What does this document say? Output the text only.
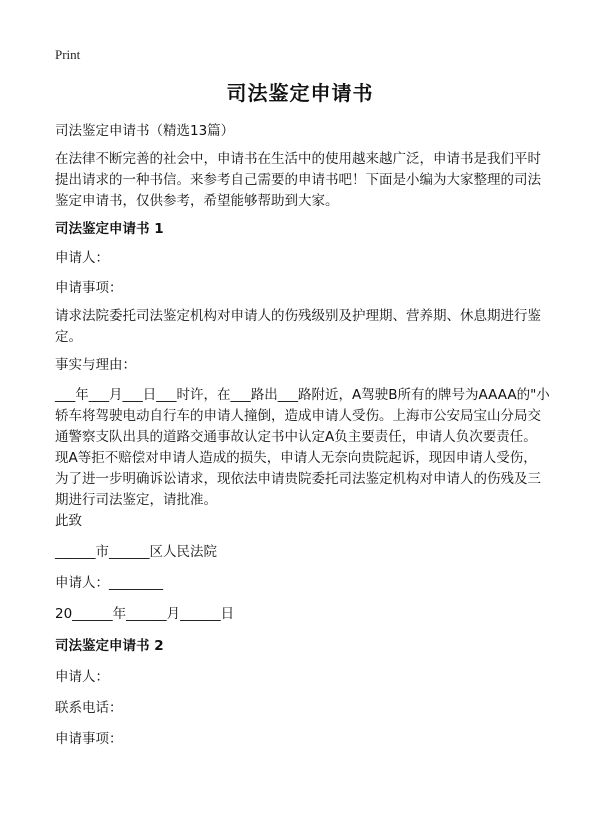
Print
司法鉴定申请书
司法鉴定申请书（精选13篇）
在法律不断完善的社会中，申请书在生活中的使用越来越广泛，申请书是我们平时提出请求的一种书信。来参考自己需要的申请书吧！下面是小编为大家整理的司法鉴定申请书，仅供参考，希望能够帮助到大家。
司法鉴定申请书 1
申请人：
申请事项：
请求法院委托司法鉴定机构对申请人的伤残级别及护理期、营养期、休息期进行鉴定。
事实与理由：
___年___月___日___时许，在___路出___路附近，A驾驶B所有的牌号为AAAA的"小轿车将驾驶电动自行车的申请人撞倒，造成申请人受伤。上海市公安局宝山分局交通警察支队出具的道路交通事故认定书中认定A负主要责任，申请人负次要责任。现A等拒不赔偿对申请人造成的损失，申请人无奈向贵院起诉，现因申请人受伤，为了进一步明确诉讼请求，现依法申请贵院委托司法鉴定机构对申请人的伤残及三期进行司法鉴定，请批准。
此致
______市______区人民法院
申请人：________
20______年______月______日
司法鉴定申请书 2
申请人：
联系电话：
申请事项：
